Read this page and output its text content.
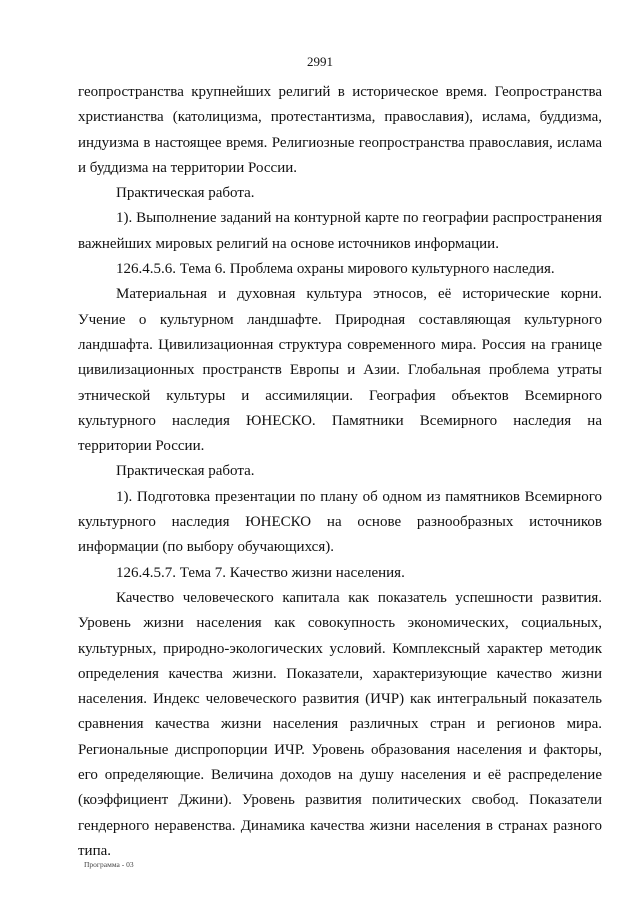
2991

геопространства крупнейших религий в историческое время. Геопространства христианства (католицизма, протестантизма, православия), ислама, буддизма, индуизма в настоящее время. Религиозные геопространства православия, ислама и буддизма на территории России.

Практическая работа.

1). Выполнение заданий на контурной карте по географии распространения важнейших мировых религий на основе источников информации.

126.4.5.6. Тема 6. Проблема охраны мирового культурного наследия.

Материальная и духовная культура этносов, её исторические корни. Учение о культурном ландшафте. Природная составляющая культурного ландшафта. Цивилизационная структура современного мира. Россия на границе цивилизационных пространств Европы и Азии. Глобальная проблема утраты этнической культуры и ассимиляции. География объектов Всемирного культурного наследия ЮНЕСКО. Памятники Всемирного наследия на территории России.

Практическая работа.

1). Подготовка презентации по плану об одном из памятников Всемирного культурного наследия ЮНЕСКО на основе разнообразных источников информации (по выбору обучающихся).

126.4.5.7. Тема 7. Качество жизни населения.

Качество человеческого капитала как показатель успешности развития. Уровень жизни населения как совокупность экономических, социальных, культурных, природно-экологических условий. Комплексный характер методик определения качества жизни. Показатели, характеризующие качество жизни населения. Индекс человеческого развития (ИЧР) как интегральный показатель сравнения качества жизни населения различных стран и регионов мира. Региональные диспропорции ИЧР. Уровень образования населения и факторы, его определяющие. Величина доходов на душу населения и её распределение (коэффициент Джини). Уровень развития политических свобод. Показатели гендерного неравенства. Динамика качества жизни населения в странах разного типа.

Программа - 03
